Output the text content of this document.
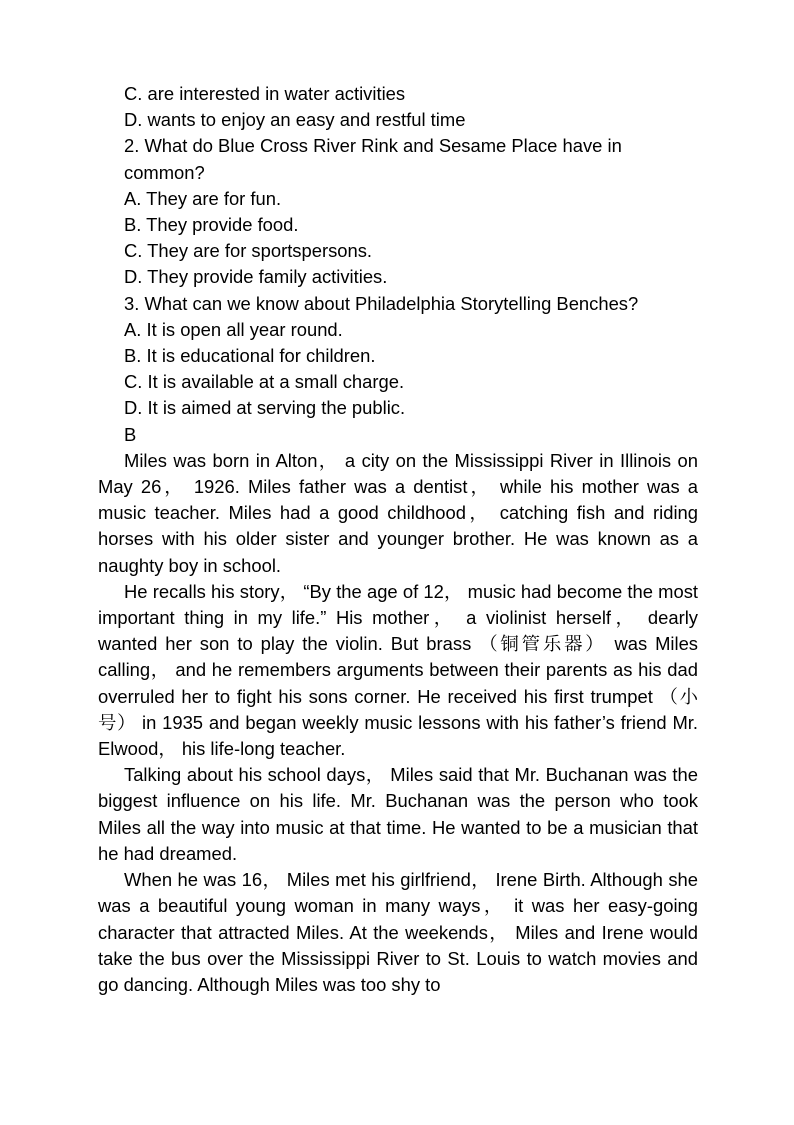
C. are interested in water activities

D. wants to enjoy an easy and restful time

2. What do Blue Cross River Rink and Sesame Place have in common?

A. They are for fun.

B. They provide food.

C. They are for sportspersons.

D. They provide family activities.

3. What can we know about Philadelphia Storytelling Benches?

A. It is open all year round.

B. It is educational for children.

C. It is available at a small charge.

D. It is aimed at serving the public.

B

Miles was born in Alton， a city on the Mississippi River in Illinois on May 26， 1926. Miles father was a dentist， while his mother was a music teacher. Miles had a good childhood， catching fish and riding horses with his older sister and younger brother. He was known as a naughty boy in school.

He recalls his story， “By the age of 12， music had become the most important thing in my life.” His mother， a violinist herself， dearly wanted her son to play the violin. But brass （铜管乐器） was Miles calling， and he remembers arguments between their parents as his dad overruled her to fight his sons corner. He received his first trumpet （小号） in 1935 and began weekly music lessons with his father’s friend Mr. Elwood， his life-long teacher.

Talking about his school days， Miles said that Mr. Buchanan was the biggest influence on his life. Mr. Buchanan was the person who took Miles all the way into music at that time. He wanted to be a musician that he had dreamed.

When he was 16， Miles met his girlfriend， Irene Birth. Although she was a beautiful young woman in many ways， it was her easy-going character that attracted Miles. At the weekends， Miles and Irene would take the bus over the Mississippi River to St. Louis to watch movies and go dancing. Although Miles was too shy to
